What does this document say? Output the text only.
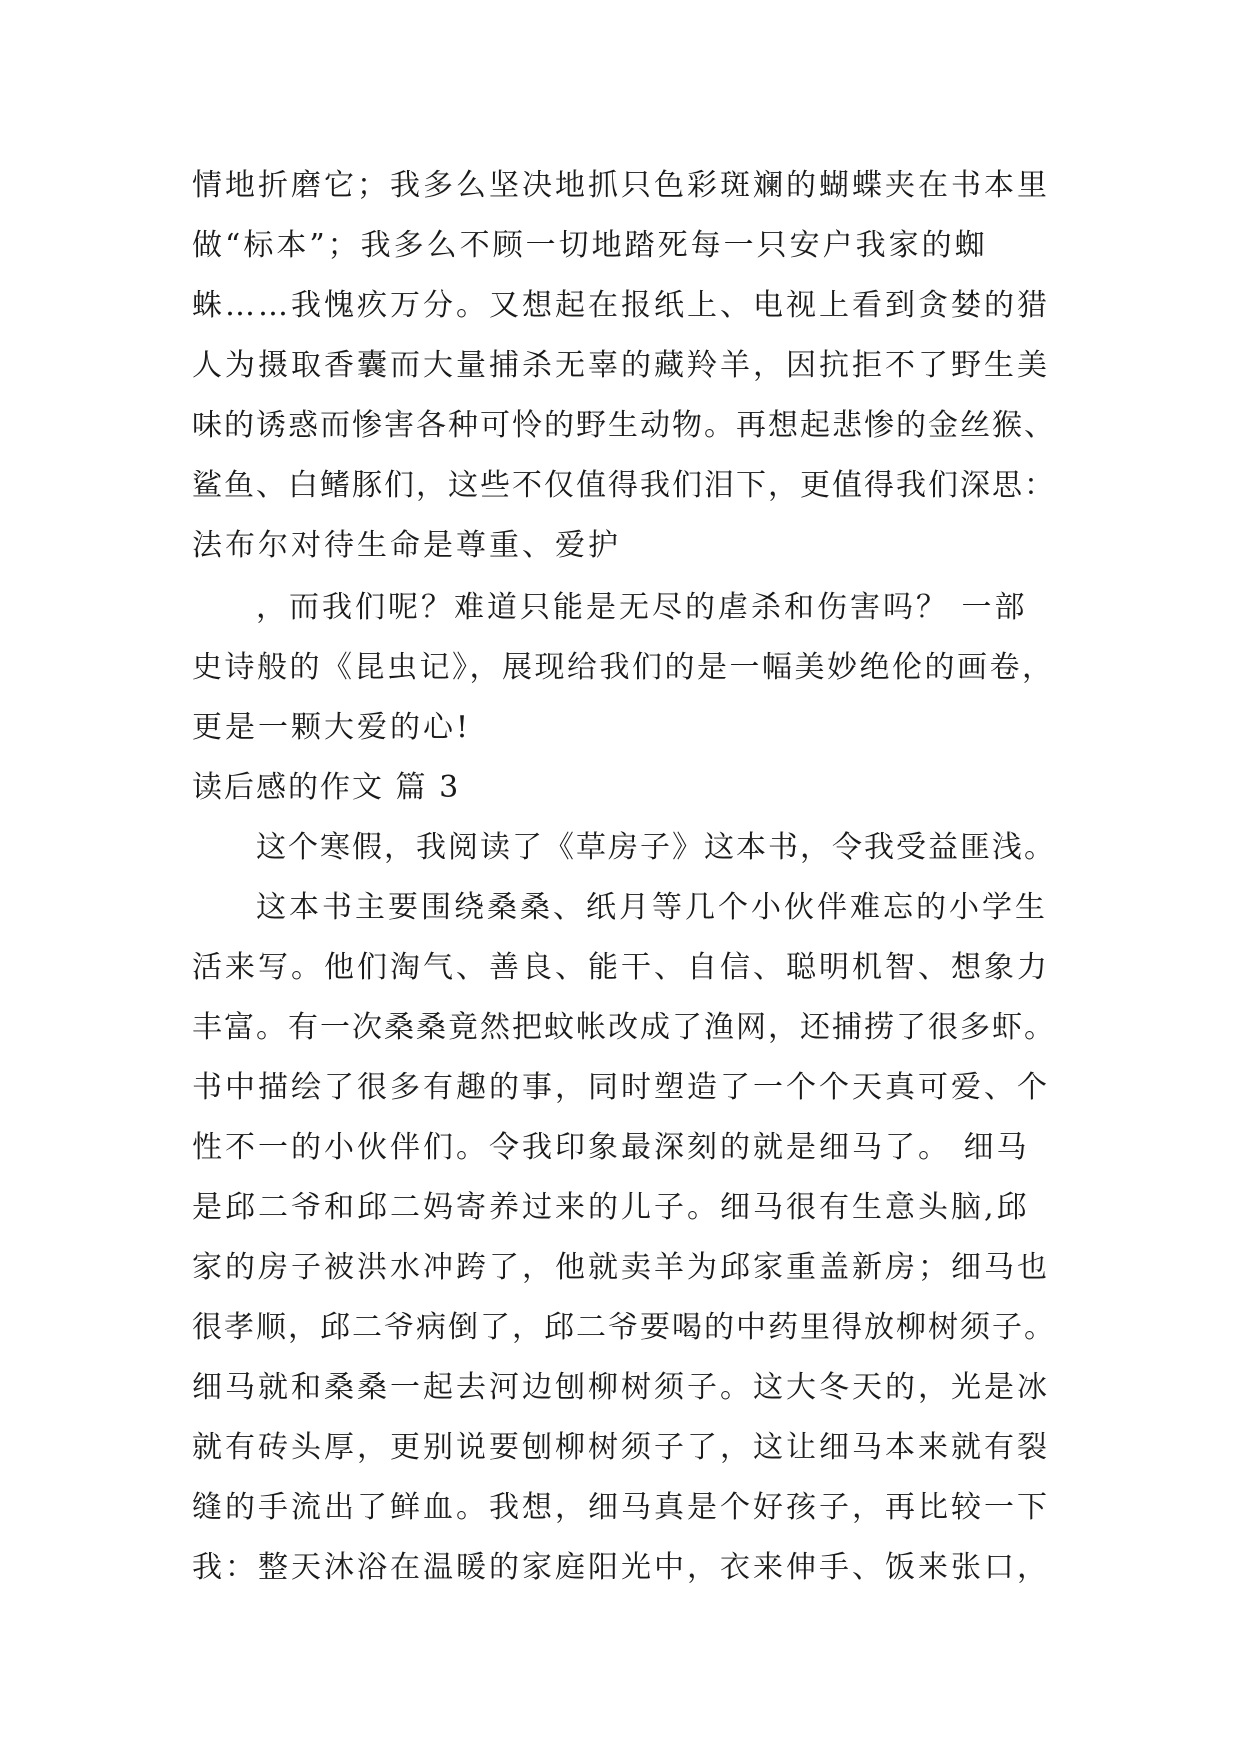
情地折磨它；我多么坚决地抓只色彩斑斓的蝴蝶夹在书本里
做“标本”；我多么不顾一切地踏死每一只安户我家的蜘
蛛……我愧疚万分。又想起在报纸上、电视上看到贪婪的猎
人为摄取香囊而大量捕杀无辜的藏羚羊，因抗拒不了野生美
味的诱惑而惨害各种可怜的野生动物。再想起悲惨的金丝猴、
鲨鱼、白鳍豚们，这些不仅值得我们泪下，更值得我们深思：
法布尔对待生命是尊重、爱护
，而我们呢？难道只能是无尽的虐杀和伤害吗？ 一部
史诗般的《昆虫记》，展现给我们的是一幅美妙绝伦的画卷，
更是一颗大爱的心!
读后感的作文 篇 3
这个寒假，我阅读了《草房子》这本书，令我受益匪浅。
这本书主要围绕桑桑、纸月等几个小伙伴难忘的小学生
活来写。他们淘气、善良、能干、自信、聪明机智、想象力
丰富。有一次桑桑竟然把蚊帐改成了渔网，还捕捞了很多虾。
书中描绘了很多有趣的事，同时塑造了一个个天真可爱、个
性不一的小伙伴们。令我印象最深刻的就是细马了。 细马
是邱二爷和邱二妈寄养过来的儿子。细马很有生意头脑,邱
家的房子被洪水冲跨了，他就卖羊为邱家重盖新房；细马也
很孝顺，邱二爷病倒了，邱二爷要喝的中药里得放柳树须子。
细马就和桑桑一起去河边刨柳树须子。这大冬天的，光是冰
就有砖头厚，更别说要刨柳树须子了，这让细马本来就有裂
缝的手流出了鲜血。我想，细马真是个好孩子，再比较一下
我：整天沐浴在温暖的家庭阳光中，衣来伸手、饭来张口，
